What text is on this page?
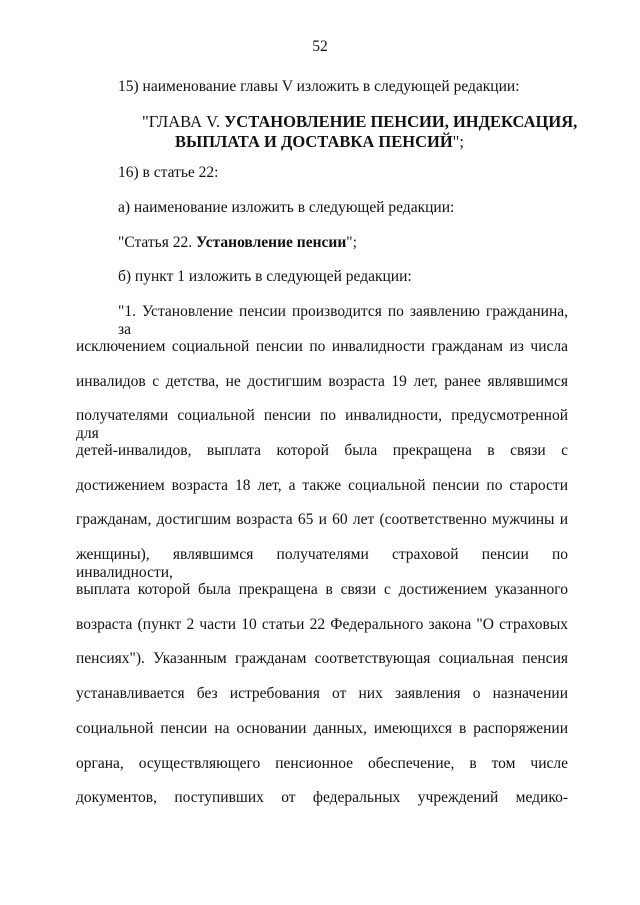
52
15) наименование главы V изложить в следующей редакции:
"ГЛАВА V. УСТАНОВЛЕНИЕ ПЕНСИИ, ИНДЕКСАЦИЯ,
ВЫПЛАТА И ДОСТАВКА ПЕНСИЙ";
16) в статье 22:
а) наименование изложить в следующей редакции:
"Статья 22. Установление пенсии";
б) пункт 1 изложить в следующей редакции:
"1. Установление пенсии производится по заявлению гражданина, за
исключением социальной пенсии по инвалидности гражданам из числа
инвалидов с детства, не достигшим возраста 19 лет, ранее являвшимся
получателями социальной пенсии по инвалидности, предусмотренной для
детей-инвалидов, выплата которой была прекращена в связи с
достижением возраста 18 лет, а также социальной пенсии по старости
гражданам, достигшим возраста 65 и 60 лет (соответственно мужчины и
женщины), являвшимся получателями страховой пенсии по инвалидности,
выплата которой была прекращена в связи с достижением указанного
возраста (пункт 2 части 10 статьи 22 Федерального закона "О страховых
пенсиях"). Указанным гражданам соответствующая социальная пенсия
устанавливается без истребования от них заявления о назначении
социальной пенсии на основании данных, имеющихся в распоряжении
органа, осуществляющего пенсионное обеспечение, в том числе
документов, поступивших от федеральных учреждений медико-
